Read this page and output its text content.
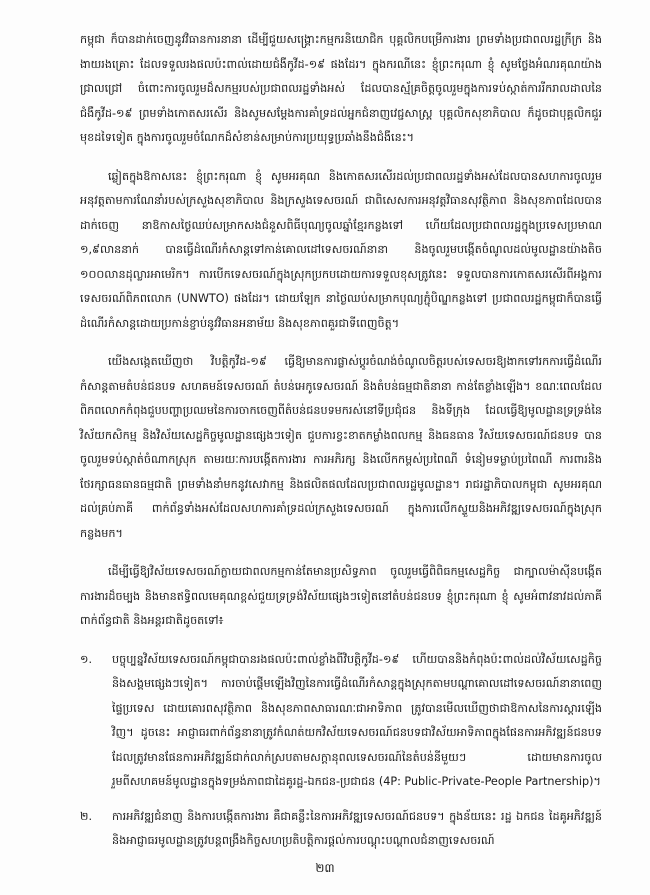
កម្ពុជា ក៏បានដាក់ចេញនូវវិធានការនានា ដើម្បីជួយសង្គ្រោះកម្មករនិយោជិក បុគ្គលិកបម្រើការងារ ព្រមទាំងប្រជាពលរដ្ឋក្រីក្រ និងងាយរងគ្រោះ ដែលទទួលរងផលប៉ះពាល់ដោយជំងឺកូវីដ-១៩ ផងដែរ។ ក្នុងករណីនេះ ខ្ញុំព្រះករុណា ខ្ញុំ សូមថ្លែងអំណរគុណយ៉ាងជ្រាលជ្រៅ ចំពោះការចូលរួមដ៏សកម្មរបស់ប្រជាពលរដ្ឋទាំងអស់ ដែលបានស្ម័គ្រចិត្តចូលរួមក្នុងការទប់ស្កាត់ការរីករាលដាលនៃជំងឺកូវីដ-១៩ ព្រមទាំងកោតសរសើរ និងសូមសម្តែងការគាំទ្រដល់អ្នកជំនាញវេជ្ជសាស្ត្រ បុគ្គលិកសុខាភិបាល ក៏ដូចជាបុគ្គលិកជួរមុខដទៃទៀត ក្នុងការចូលរួមចំណែកដ៏សំខាន់សម្រាប់ការប្រយុទ្ធប្រឆាំងនឹងជំងឺនេះ។

ឆ្លៀតក្នុងឱកាសនេះ ខ្ញុំព្រះករុណា ខ្ញុំ សូមអរគុណ និងកោតសរសើរដល់ប្រជាពលរដ្ឋទាំងអស់ដែលបានសហការចូលរួមអនុវត្តតាមការណែនាំរបស់ក្រសួងសុខាភិបាល និងក្រសួងទេសចរណ៍ ជាពិសេសការអនុវត្តវិធានសុវត្ថិភាព និងសុខភាពដែលបានដាក់ចេញ នាឱកាសថ្ងៃឈប់សម្រាកសងជំនួសពិធីបុណ្យចូលឆ្នាំខ្មែរកន្លងទៅ ហើយដែលប្រជាពលរដ្ឋក្នុងប្រទេសប្រមាណ ១,៩លាននាក់ បានធ្វើដំណើរកំសាន្តទៅកាន់គោលដៅទេសចរណ៍នានា និងចូលរួមបង្កើតចំណូលដល់មូលដ្ឋានយ៉ាងតិច ១០០លានដុល្លារអាមេរិក។ ការបើកទេសចរណ៍ក្នុងស្រុកប្រកបដោយការទទួលខុសត្រូវនេះ ទទួលបានការកោតសរសើរពីអង្គការទេសចរណ៍ពិភពលោក (UNWTO) ផងដែរ។ ដោយឡែក នាថ្ងៃឈប់សម្រាកបុណ្យភ្ជុំបិណ្ឌកន្លងទៅ ប្រជាពលរដ្ឋកម្ពុជាក៏បានធ្វើដំណើរកំសាន្តដោយប្រកាន់ខ្ជាប់នូវវិធានអនាម័យ និងសុខភាពគួរជាទីពេញចិត្ត។

យើងសង្កេតឃើញថា វិបត្តិកូវីដ-១៩ ធ្វើឱ្យមានការផ្លាស់ប្តូរចំណង់ចំណូលចិត្តរបស់ទេសចរឱ្យងាកទៅរកការធ្វើដំណើរកំសាន្តតាមតំបន់ជនបទ សហគមន៍ទេសចរណ៍ តំបន់អេកូទេសចរណ៍ និងតំបន់ធម្មជាតិនានា កាន់តែខ្លាំងឡើង។ ខណៈពេលដែលពិភពលោកកំពុងជួបបញ្ហាប្រឈមនៃការចាកចេញពីតំបន់ជនបទមករស់នៅទីប្រជុំជន និងទីក្រុង ដែលធ្វើឱ្យមូលដ្ឋានទ្រទ្រង់នៃវិស័យកសិកម្ម និងវិស័យសេដ្ឋកិច្ចមូលដ្ឋានផ្សេងៗទៀត ជួបការខ្វះខាតកម្លាំងពលកម្ម និងធនធាន វិស័យទេសចរណ៍ជនបទ បានចូលរួមទប់ស្កាត់ចំណាកស្រុក តាមរយៈការបង្កើតការងារ ការអភិរក្ស និងលើកកម្ពស់ប្រពៃណី ទំនៀមទម្លាប់ប្រពៃណី ការពារនិងថែរក្សាធនធានធម្មជាតិ ព្រមទាំងនាំមកនូវសេវាកម្ម និងផលិតផលដែលប្រជាពលរដ្ឋមូលដ្ឋាន។ រាជរដ្ឋាភិបាលកម្ពុជា សូមអរគុណដល់គ្រប់ភាគី ពាក់ព័ន្ធទាំងអស់ដែលសហការគាំទ្រដល់ក្រសួងទេសចរណ៍ ក្នុងការលើកស្ទួយនិងអភិវឌ្ឍទេសចរណ៍ក្នុងស្រុកកន្លងមក។

ដើម្បីធ្វើឱ្យវិស័យទេសចរណ៍ក្លាយជាពលកម្មកាន់តែមានប្រសិទ្ធភាព ចូលរួមធ្វើពិពិធកម្មសេដ្ឋកិច្ច ជាក្បាលម៉ាស៊ីនបង្កើតការងារដ៏ចម្បង និងមានឥទ្ធិពលមេគុណខ្ពស់ជួយទ្រទ្រង់វិស័យផ្សេងៗទៀតនៅតំបន់ជនបទ ខ្ញុំព្រះករុណា ខ្ញុំ សូមអំពាវនាវដល់ភាគីពាក់ព័ន្ធជាតិ និងអន្តរជាតិដូចតទៅ៖

១.	បច្ចុប្បន្នវិស័យទេសចរណ៍កម្ពុជាបានរងផលប៉ះពាល់ខ្លាំងពីវិបត្តិកូវីដ-១៩ ហើយបាននិងកំពុងប៉ះពាល់ដល់វិស័យសេដ្ឋកិច្ច និងសង្គមផ្សេងៗទៀត។ ការចាប់ផ្តើមឡើងវិញនៃការធ្វើដំណើរកំសាន្តក្នុងស្រុកតាមបណ្តាគោលដៅទេសចរណ៍នានាពេញផ្ទៃប្រទេស ដោយគោរពសុវត្ថិភាព និងសុខភាពសាធារណៈជាអាទិភាព ត្រូវបានមើលឃើញថាជាឱកាសនៃការស្តារឡើងវិញ។ ដូចនេះ អាជ្ញាធរពាក់ព័ន្ធនានាត្រូវកំណត់យកវិស័យទេសចរណ៍ជនបទជាវិស័យអាទិភាពក្នុងផែនការអភិវឌ្ឍន៍ជនបទ ដែលត្រូវមានផែនការអភិវឌ្ឍន៍ជាក់លាក់ស្របតាមសក្តានុពលទេសចរណ៍នៃតំបន់នីមួយៗ ដោយមានការចូលរួមពីសហគមន៍មូលដ្ឋានក្នុងទម្រង់ភាពជាដៃគូរដ្ឋ-ឯកជន-ប្រជាជន (4P: Public-Private-People Partnership)។
២.	ការអភិវឌ្ឍជំនាញ និងការបង្កើតការងារ គឺជាគន្លឹះនៃការអភិវឌ្ឍទេសចរណ៍ជនបទ។ ក្នុងន័យនេះ រដ្ឋ ឯកជន ដៃគូអភិវឌ្ឍន៍ និងអាជ្ញាធរមូលដ្ឋានត្រូវបន្តពង្រឹងកិច្ចសហប្រតិបត្តិការផ្តល់ការបណ្តុះបណ្តាលជំនាញទេសចរណ៍
២៣
